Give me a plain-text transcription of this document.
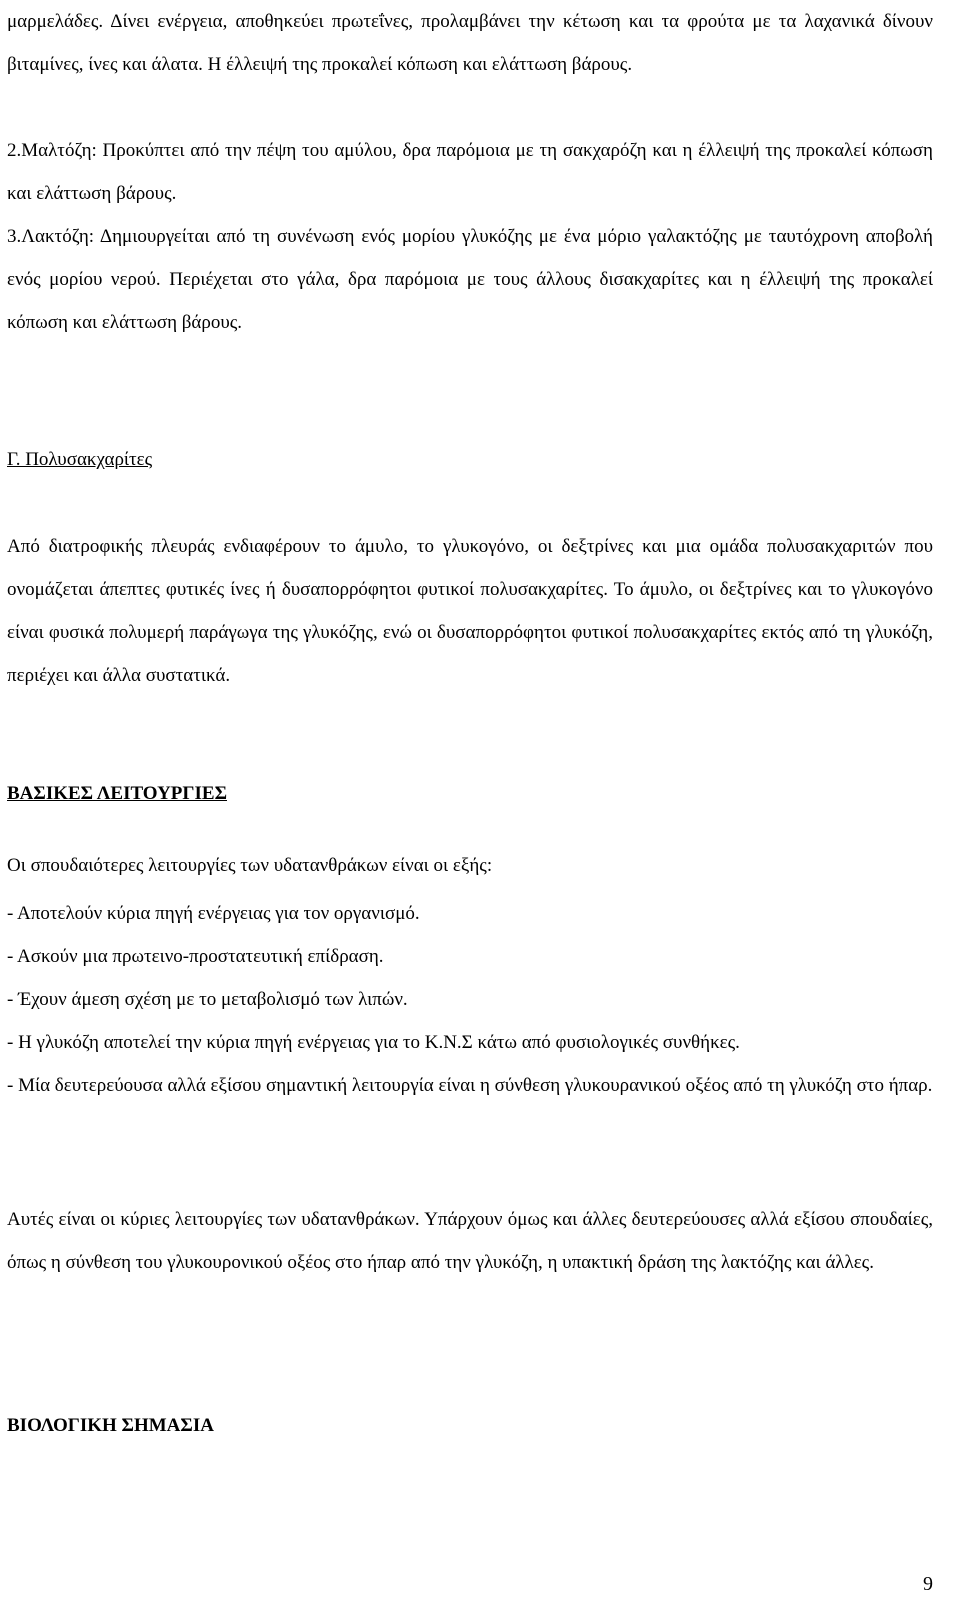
μαρμελάδες. Δίνει ενέργεια, αποθηκεύει πρωτεΐνες, προλαμβάνει την κέτωση και τα φρούτα με τα λαχανικά δίνουν βιταμίνες, ίνες και άλατα. Η έλλειψή της προκαλεί κόπωση και ελάττωση βάρους.

2.Μαλτόζη: Προκύπτει από την πέψη του αμύλου, δρα παρόμοια με τη σακχαρόζη και η έλλειψή της προκαλεί κόπωση και ελάττωση βάρους.

3.Λακτόζη: Δημιουργείται από τη συνένωση ενός μορίου γλυκόζης με ένα μόριο γαλακτόζης με ταυτόχρονη αποβολή ενός μορίου νερού. Περιέχεται στο γάλα, δρα παρόμοια με τους άλλους δισακχαρίτες και η έλλειψή της προκαλεί κόπωση και ελάττωση βάρους.

Γ. Πολυσακχαρίτες

Από διατροφικής πλευράς ενδιαφέρουν το άμυλο, το γλυκογόνο, οι δεξτρίνες και μια ομάδα πολυσακχαριτών που ονομάζεται άπεπτες φυτικές ίνες ή δυσαπορρόφητοι φυτικοί πολυσακχαρίτες. Το άμυλο, οι δεξτρίνες και το γλυκογόνο είναι φυσικά πολυμερή παράγωγα της γλυκόζης, ενώ οι δυσαπορρόφητοι φυτικοί πολυσακχαρίτες εκτός από τη γλυκόζη, περιέχει και άλλα συστατικά.

ΒΑΣΙΚΕΣ ΛΕΙΤΟΥΡΓΙΕΣ

Οι σπουδαιότερες λειτουργίες των υδατανθράκων είναι οι εξής:

- Αποτελούν κύρια πηγή ενέργειας για τον οργανισμό.

- Ασκούν μια πρωτεινο-προστατευτική επίδραση.

- Έχουν άμεση σχέση με το μεταβολισμό των λιπών.

- Η γλυκόζη αποτελεί την κύρια πηγή ενέργειας για το Κ.Ν.Σ κάτω από φυσιολογικές συνθήκες.

- Μία δευτερεύουσα αλλά εξίσου σημαντική λειτουργία είναι η σύνθεση γλυκουρανικού οξέος από τη γλυκόζη στο ήπαρ.

Αυτές είναι οι κύριες λειτουργίες των υδατανθράκων. Υπάρχουν όμως και άλλες δευτερεύουσες αλλά εξίσου σπουδαίες, όπως η σύνθεση του γλυκουρονικού οξέος στο ήπαρ από την γλυκόζη, η υπακτική δράση της λακτόζης και άλλες.

ΒΙΟΛΟΓΙΚΗ ΣΗΜΑΣΙΑ

9
